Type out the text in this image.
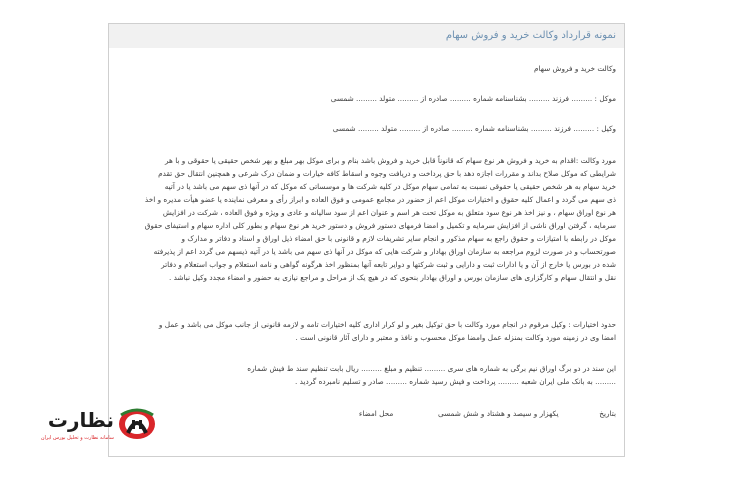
نمونه قرارداد وکالت خرید و فروش سهام
وکالت خرید و فروش سهام
موکل : ......... فرزند ......... بشناسنامه شماره ......... صادره از ......... متولد ......... شمسی
وکیل : ......... فرزند ......... بشناسنامه شماره ......... صادره از ......... متولد ......... شمسی
مورد وکالت :اقدام به خرید و فروش هر نوع سهام که قانوناً قابل خرید و فروش باشد بنام و برای موکل بهر مبلغ و بهر شخص حقیقی یا حقوقی و با هر
شرایطی که موکل صلاح بداند و مقررات اجازه دهد با حق پرداخت و دریافت وجوه و اسقاط کافه خیارات و ضمان درک شرعی و همچنین انتقال حق تقدم
خرید سهام به هر شخص حقیقی یا حقوقی نسبت به تمامی سهام موکل در کلیه شرکت ها و موسساتی که موکل که در آنها ذی سهم می باشد یا در آتیه
ذی سهم می گردد و اعمال کلیه حقوق و اختیارات موکل اعم از حضور در مجامع عمومی و فوق العاده و ابراز رأی و معرفی نماینده یا عضو هیأت مدیره و اخذ
هر نوع اوراق سهام ، و نیز اخذ هر نوع سود متعلق به موکل تحت هر اسم و عنوان اعم از سود سالیانه و عادی و ویژه و فوق العاده ، شرکت در افزایش
سرمایه ، گرفتن اوراق ناشی از افزایش سرمایه و تکمیل و امضا فرمهای دستور فروش و دستور خرید هر نوع سهام و بطور کلی اداره سهام و استیفای حقوق
موکل در رابطه با امتیازات و حقوق راجع به سهام مذکور و انجام سایر تشریفات لازم و قانونی با حق امضاء ذیل اوراق و اسناد و دفاتر و مدارک و
صورتحساب و در صورت لزوم مراجعه به سازمان اوراق بهادار و شرکت هایی که موکل در آنها ذی سهم می باشد یا در آتیه ذیسهم می گردد اعم از پذیرفته
شده در بورس یا خارج از آن و یا ادارات ثبت و دارایی و ثبت شرکتها و دوایر تابعه آنها بمنظور اخذ هرگونه گواهی و نامه استعلام و جواب استعلام و دفاتر
نقل و انتقال سهام و کارگزاری های سازمان بورس و اوراق بهادار بنحوی که در هیچ یک از مراحل و مراجع نیازی به حضور و امضاء مجدد وکیل نباشد .
حدود اختیارات : وکیل مرقوم در انجام مورد وکالت با حق توکیل بغیر و لو کرار اداری کلیه اختیارات تامه و لازمه قانونی از جانب موکل می باشد و عمل و
امضا وی در زمینه مورد وکالت بمنزله عمل وامضا موکل محسوب و نافذ و معتبر و دارای آثار قانونی است .
این سند در دو برگ اوراق نیم برگی به شماره های سری ......... تنظیم و مبلغ ......... ریال بابت تنظیم سند ط فیش شماره
......... به بانک ملی ایران شعبه ......... پرداخت و فیش رسید شماره ......... صادر و تسلیم نامبرده گردید .
بتاریخ  یکهزار و سیصد و هشتاد و شش شمسی  محل امضاء
نظارت
سامانه نظارت و تحلیل بورس ایران
